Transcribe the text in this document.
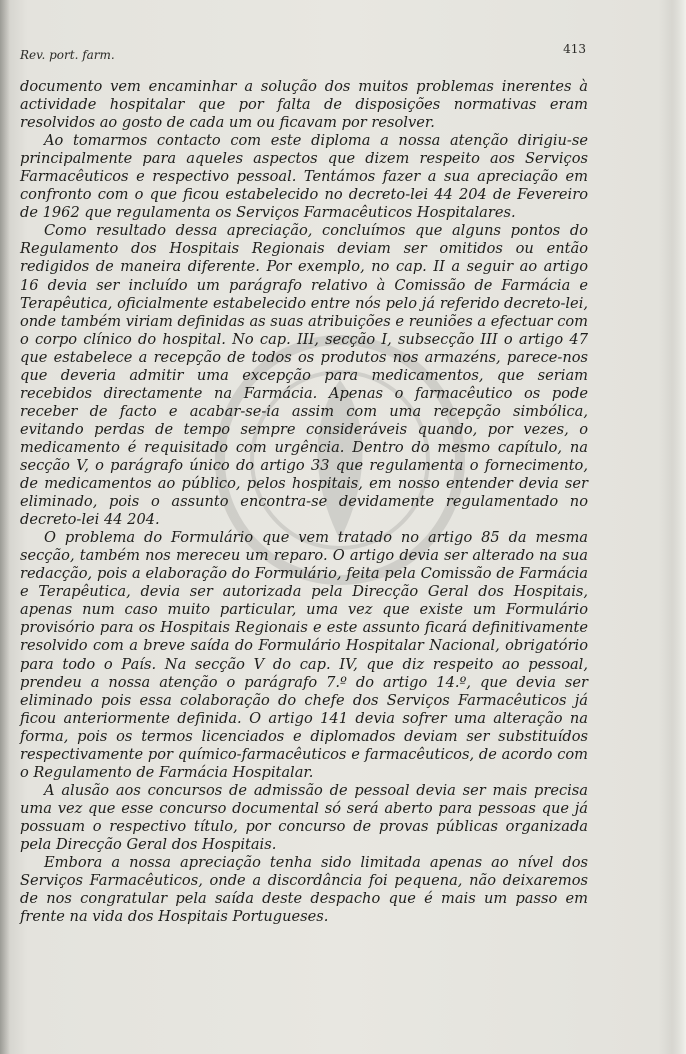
Rev. port. farm.	413

documento vem encaminhar a solução dos muitos problemas inerentes à actividade hospitalar que por falta de disposições normativas eram resolvidos ao gosto de cada um ou ficavam por resolver.

Ao tomarmos contacto com este diploma a nossa atenção dirigiu-se principalmente para aqueles aspectos que dizem respeito aos Serviços Farmacêuticos e respectivo pessoal. Tentámos fazer a sua apreciação em confronto com o que ficou estabelecido no decreto-lei 44 204 de Fevereiro de 1962 que regulamenta os Serviços Farmacêuticos Hospitalares.

Como resultado dessa apreciação, concluímos que alguns pontos do Regulamento dos Hospitais Regionais deviam ser omitidos ou então redigidos de maneira diferente. Por exemplo, no cap. II a seguir ao artigo 16 devia ser incluído um parágrafo relativo à Comissão de Farmácia e Terapêutica, oficialmente estabelecido entre nós pelo já referido decreto-lei, onde também viriam definidas as suas atribuições e reuniões a efectuar com o corpo clínico do hospital. No cap. III, secção I, subsecção III o artigo 47 que estabelece a recepção de todos os produtos nos armazéns, parece-nos que deveria admitir uma excepção para medicamentos, que seriam recebidos directamente na Farmácia. Apenas o farmacêutico os pode receber de facto e acabar-se-ia assim com uma recepção simbólica, evitando perdas de tempo sempre consideráveis quando, por vezes, o medicamento é requisitado com urgência. Dentro do mesmo capítulo, na secção V, o parágrafo único do artigo 33 que regulamenta o fornecimento, de medicamentos ao público, pelos hospitais, em nosso entender devia ser eliminado, pois o assunto encontra-se devidamente regulamentado no decreto-lei 44 204.

O problema do Formulário que vem tratado no artigo 85 da mesma secção, também nos mereceu um reparo. O artigo devia ser alterado na sua redacção, pois a elaboração do Formulário, feita pela Comissão de Farmácia e Terapêutica, devia ser autorizada pela Direcção Geral dos Hospitais, apenas num caso muito particular, uma vez que existe um Formulário provisório para os Hospitais Regionais e este assunto ficará definitivamente resolvido com a breve saída do Formulário Hospitalar Nacional, obrigatório para todo o País. Na secção V do cap. IV, que diz respeito ao pessoal, prendeu a nossa atenção o parágrafo 7.º do artigo 14.º, que devia ser eliminado pois essa colaboração do chefe dos Serviços Farmacêuticos já ficou anteriormente definida. O artigo 141 devia sofrer uma alteração na forma, pois os termos licenciados e diplomados deviam ser substituídos respectivamente por químico-farmacêuticos e farmacêuticos, de acordo com o Regulamento de Farmácia Hospitalar.

A alusão aos concursos de admissão de pessoal devia ser mais precisa uma vez que esse concurso documental só será aberto para pessoas que já possuam o respectivo título, por concurso de provas públicas organizada pela Direcção Geral dos Hospitais.

Embora a nossa apreciação tenha sido limitada apenas ao nível dos Serviços Farmacêuticos, onde a discordância foi pequena, não deixaremos de nos congratular pela saída deste despacho que é mais um passo em frente na vida dos Hospitais Portugueses.
